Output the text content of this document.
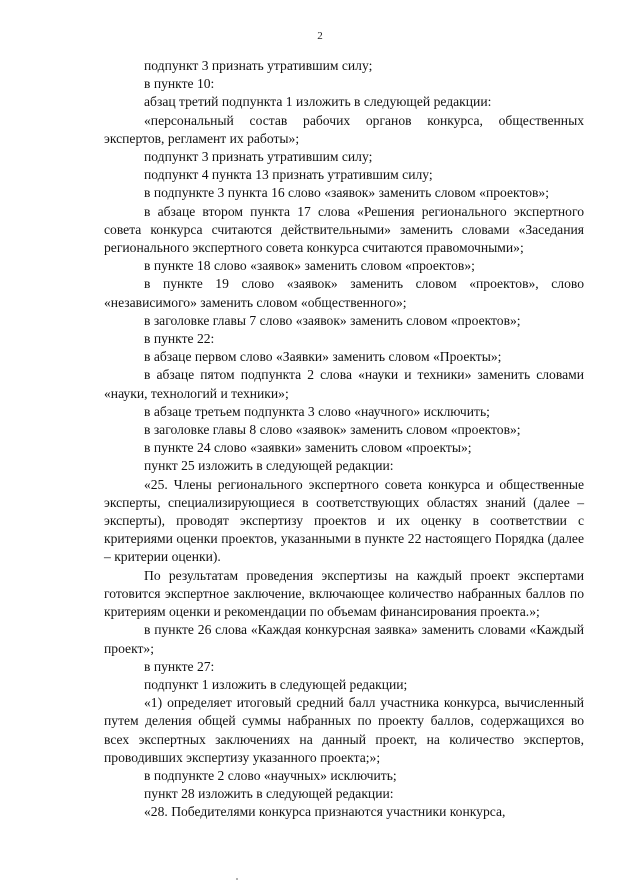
2

подпункт 3 признать утратившим силу;

в пункте 10:

абзац третий подпункта 1 изложить в следующей редакции:

«персональный состав рабочих органов конкурса, общественных экспертов, регламент их работы»;

подпункт 3 признать утратившим силу;

подпункт 4 пункта 13 признать утратившим силу;

в подпункте 3 пункта 16 слово «заявок» заменить словом «проектов»;

в абзаце втором пункта 17 слова «Решения регионального экспертного совета конкурса считаются действительными» заменить словами «Заседания регионального экспертного совета конкурса считаются правомочными»;

в пункте 18 слово «заявок» заменить словом «проектов»;

в пункте 19 слово «заявок» заменить словом «проектов», слово «независимого» заменить словом «общественного»;

в заголовке главы 7 слово «заявок» заменить словом «проектов»;

в пункте 22:

в абзаце первом слово «Заявки» заменить словом «Проекты»;

в абзаце пятом подпункта 2 слова «науки и техники» заменить словами «науки, технологий и техники»;

в абзаце третьем подпункта 3 слово «научного» исключить;

в заголовке главы 8 слово «заявок» заменить словом «проектов»;

в пункте 24 слово «заявки» заменить словом «проекты»;

пункт 25 изложить в следующей редакции:

«25. Члены регионального экспертного совета конкурса и общественные эксперты, специализирующиеся в соответствующих областях знаний (далее – эксперты), проводят экспертизу проектов и их оценку в соответствии с критериями оценки проектов, указанными в пункте 22 настоящего Порядка (далее – критерии оценки).

По результатам проведения экспертизы на каждый проект экспертами готовится экспертное заключение, включающее количество набранных баллов по критериям оценки и рекомендации по объемам финансирования проекта.»;

в пункте 26 слова «Каждая конкурсная заявка» заменить словами «Каждый проект»;

в пункте 27:

подпункт 1 изложить в следующей редакции;

«1) определяет итоговый средний балл участника конкурса, вычисленный путем деления общей суммы набранных по проекту баллов, содержащихся во всех экспертных заключениях на данный проект, на количество экспертов, проводивших экспертизу указанного проекта;»;

в подпункте 2 слово «научных» исключить;

пункт 28 изложить в следующей редакции:

«28. Победителями конкурса признаются участники конкурса,
